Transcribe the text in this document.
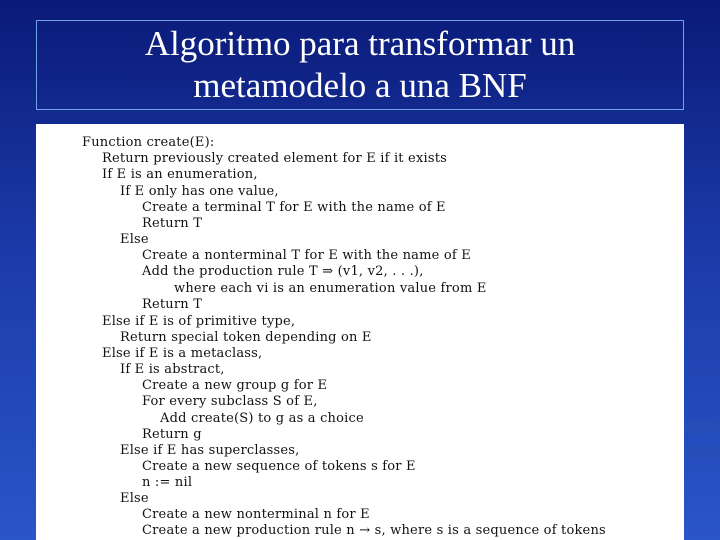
Algoritmo para transformar un
metamodelo a una BNF
Function create(E):
Return previously created element for E if it exists
If E is an enumeration,
If E only has one value,
Create a terminal T for E with the name of E
Return T
Else
Create a nonterminal T for E with the name of E
Add the production rule T ⇒ (v1, v2, . . .),
where each vi is an enumeration value from E
Return T
Else if E is of primitive type,
Return special token depending on E
Else if E is a metaclass,
If E is abstract,
Create a new group g for E
For every subclass S of E,
Add create(S) to g as a choice
Return g
Else if E has superclasses,
Create a new sequence of tokens s for E
n := nil
Else
Create a new nonterminal n for E
Create a new production rule n → s, where s is a sequence of tokens
